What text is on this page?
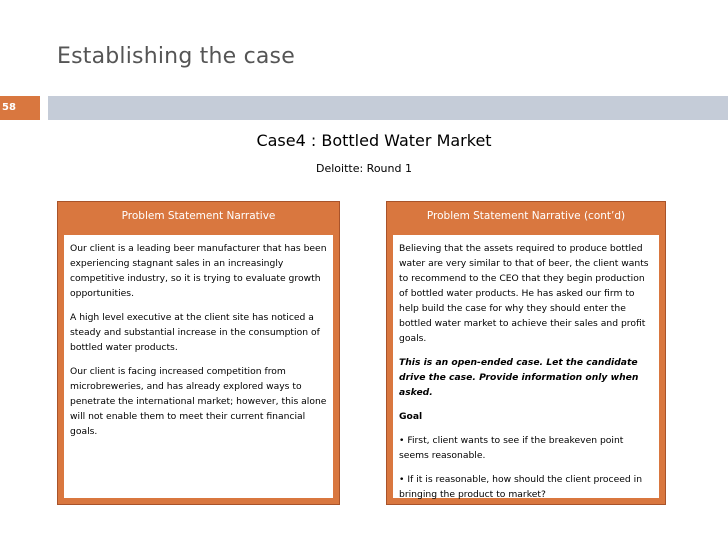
Establishing the case
58
Case4 : Bottled Water Market
Deloitte: Round 1
Problem Statement Narrative

Our client is a leading beer manufacturer that has been experiencing stagnant sales in an increasingly competitive industry, so it is trying to evaluate growth opportunities.

A high level executive at the client site has noticed a steady and substantial increase in the consumption of bottled water products.

Our client is facing increased competition from microbreweries, and has already explored ways to penetrate the international market; however, this alone will not enable them to meet their current financial goals.

Problem Statement Narrative (cont’d)

Believing that the assets required to produce bottled water are very similar to that of beer, the client wants to recommend to the CEO that they begin production of bottled water products. He has asked our firm to help build the case for why they should enter the bottled water market to achieve their sales and profit goals.

This is an open-ended case. Let the candidate drive the case. Provide information only when asked.

Goal

• First, client wants to see if the breakeven point seems reasonable.

• If it is reasonable, how should the client proceed in bringing the product to market?
